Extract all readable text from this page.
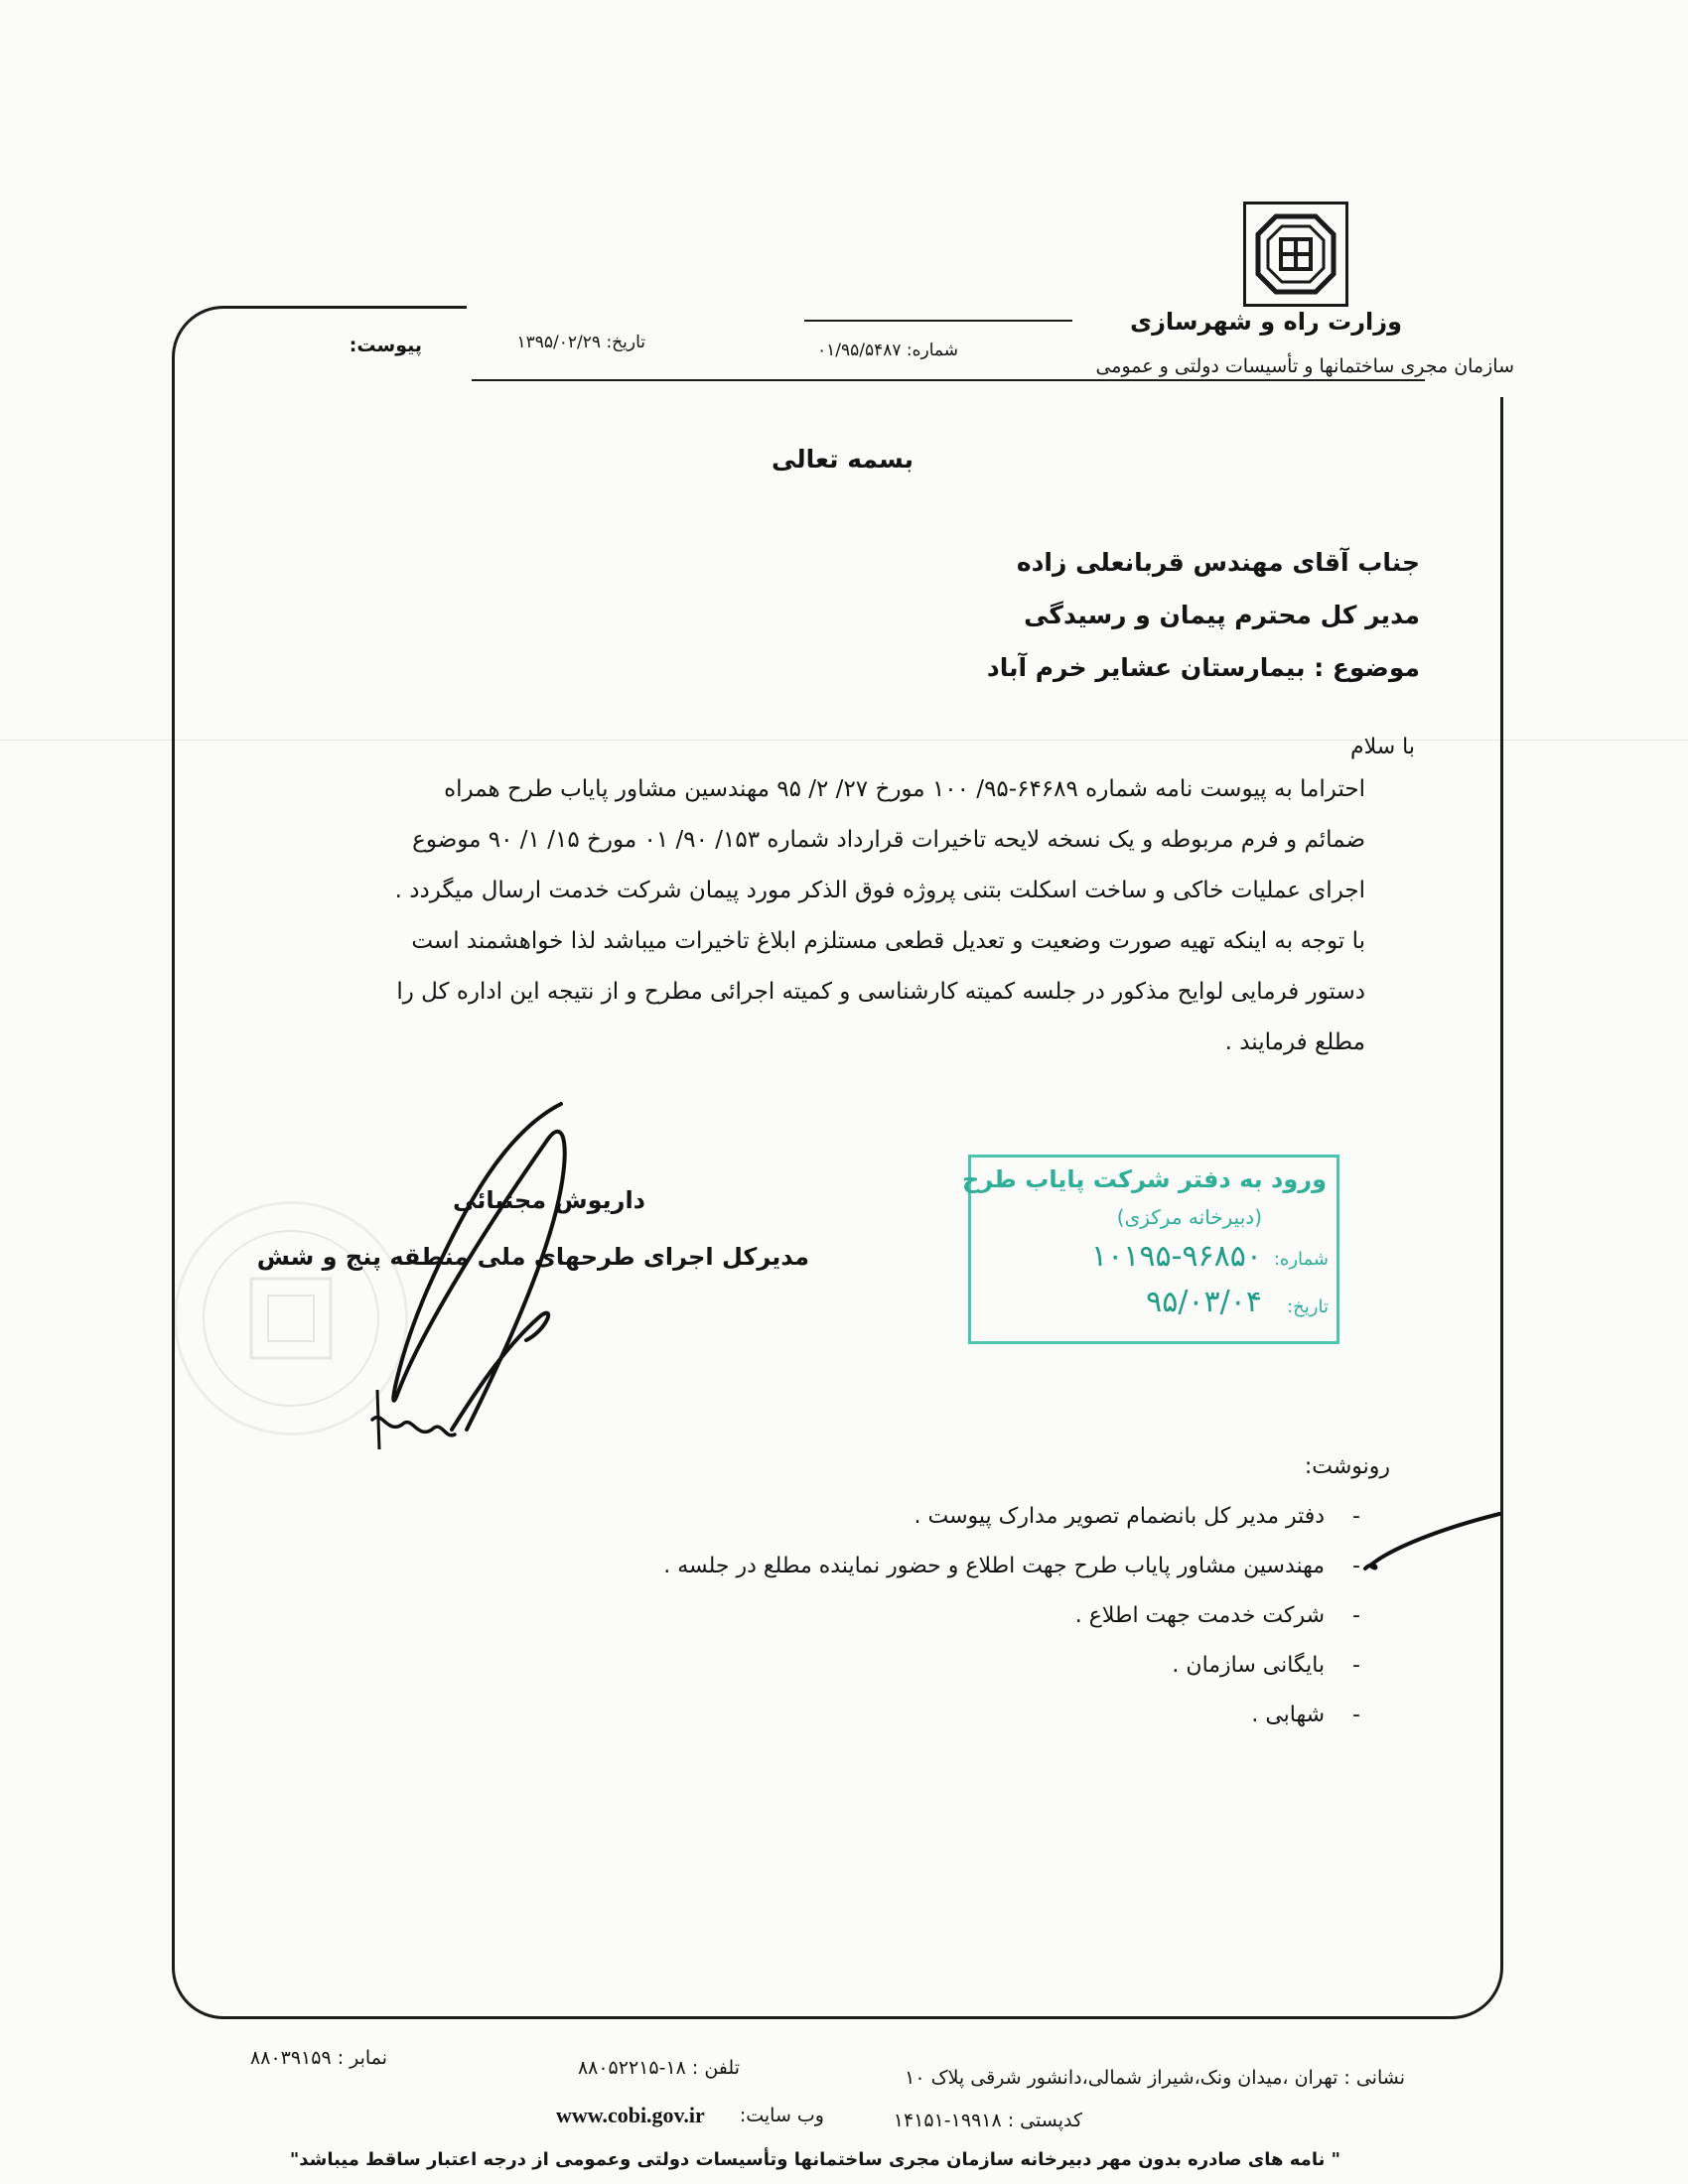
وزارت راه و شهرسازی
سازمان مجری ساختمانها و تأسیسات دولتی و عمومی
شماره: ۰۱/۹۵/۵۴۸۷
تاریخ: ۱۳۹۵/۰۲/۲۹
پیوست:
بسمه تعالی
جناب آقای مهندس قربانعلی زاده
مدیر کل محترم پیمان و رسیدگی
موضوع : بیمارستان عشایر خرم آباد
با سلام
احتراما به پیوست نامه شماره ۶۴۶۸۹-۹۵/ ۱۰۰ مورخ ۲۷/ ۲/ ۹۵ مهندسین مشاور پایاب طرح همراه
ضمائم و فرم مربوطه و یک نسخه لایحه تاخیرات قرارداد شماره ۱۵۳/ ۹۰/ ۰۱ مورخ ۱۵/ ۱/ ۹۰ موضوع
اجرای عملیات خاکی و ساخت اسکلت بتنی پروژه فوق الذکر مورد پیمان شرکت خدمت ارسال میگردد .
با توجه به اینکه تهیه صورت وضعیت و تعدیل قطعی مستلزم ابلاغ تاخیرات میباشد لذا خواهشمند است
دستور فرمایی لوایح مذکور در جلسه کمیته کارشناسی و کمیته اجرائی مطرح و از نتیجه این اداره کل را
مطلع فرمایند .
داریوش مجتبائی
مدیرکل اجرای طرحهای ملی منطقه پنج و شش
ورود به دفتر شرکت پایاب طرح
(دبیرخانه مرکزی)
شماره:
۱۰۱۹۵-۹۶۸۵۰
تاریخ:
۹۵/۰۳/۰۴
رونوشت:
-    دفتر مدیر کل بانضمام تصویر مدارک پیوست .
-    مهندسین مشاور پایاب طرح جهت اطلاع و حضور نماینده مطلع در جلسه .
-    شرکت خدمت جهت اطلاع .
-    بایگانی سازمان .
-    شهابی .
نشانی : تهران ،میدان ونک،شیراز شمالی،دانشور شرقی پلاک ۱۰
تلفن : ۱۸-۸۸۰۵۲۲۱۵
نمابر : ۸۸۰۳۹۱۵۹
کدپستی : ۱۹۹۱۸-۱۴۱۵۱
وب سایت:
www.cobi.gov.ir
" نامه های صادره بدون مهر دبیرخانه سازمان مجری ساختمانها وتأسیسات دولتی وعمومی از درجه اعتبار ساقط میباشد"
